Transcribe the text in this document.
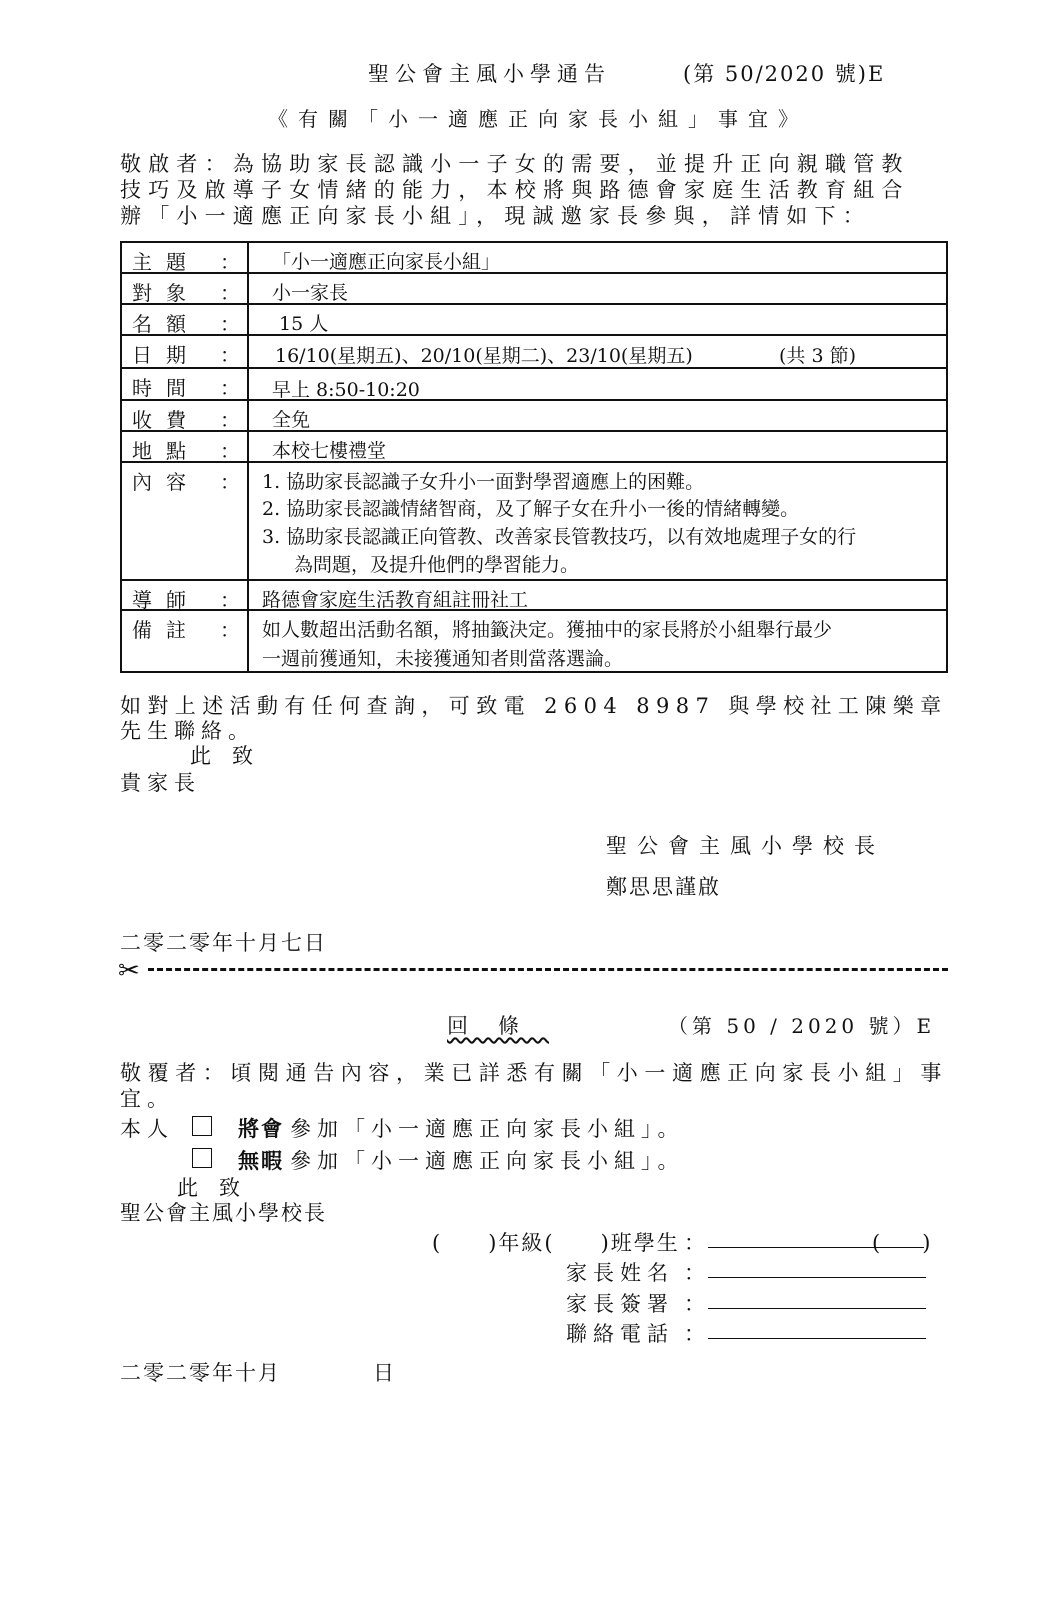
聖公會主風小學通告	(第 50/2020 號)E
《有關「小一適應正向家長小組」事宜》
敬啟者：為協助家長認識小一子女的需要，並提升正向親職管教
技巧及啟導子女情緒的能力，本校將與路德會家庭生活教育組合
辦「小一適應正向家長小組」，現誠邀家長參與，詳情如下：
主題 ： 「小一適應正向家長小組」
對象 ： 小一家長
名額 ： 15 人
日期 ： 16/10(星期五)、20/10(星期二)、23/10(星期五)	(共 3 節)
時間 ： 早上 8:50-10:20
收費 ： 全免
地點 ： 本校七樓禮堂
內容 ： 1. 協助家長認識子女升小一面對學習適應上的困難。
2. 協助家長認識情緒智商，及了解子女在升小一後的情緒轉變。
3. 協助家長認識正向管教、改善家長管教技巧，以有效地處理子女的行
為問題，及提升他們的學習能力。
導師 ： 路德會家庭生活教育組註冊社工
備註 ： 如人數超出活動名額，將抽籤決定。獲抽中的家長將於小組舉行最少
一週前獲通知，未接獲通知者則當落選論。
如對上述活動有任何查詢，可致電 2604 8987 與學校社工陳樂章
先生聯絡。
此　致
貴家長
聖公會主風小學校長
鄭思思謹啟
二零二零年十月七日
✂
回條	（第 50 / 2020 號）E
敬覆者：頃閱通告內容，業已詳悉有關「小一適應正向家長小組」事
宜。
本人	將會 參加「小一適應正向家長小組」。
無暇 參加「小一適應正向家長小組」。
此　致
聖公會主風小學校長
(　　)年級(　　)班學生 ：	(　　)
家長姓名 ：
家長簽署 ：
聯絡電話 ：
二零二零年十月　　　　日
